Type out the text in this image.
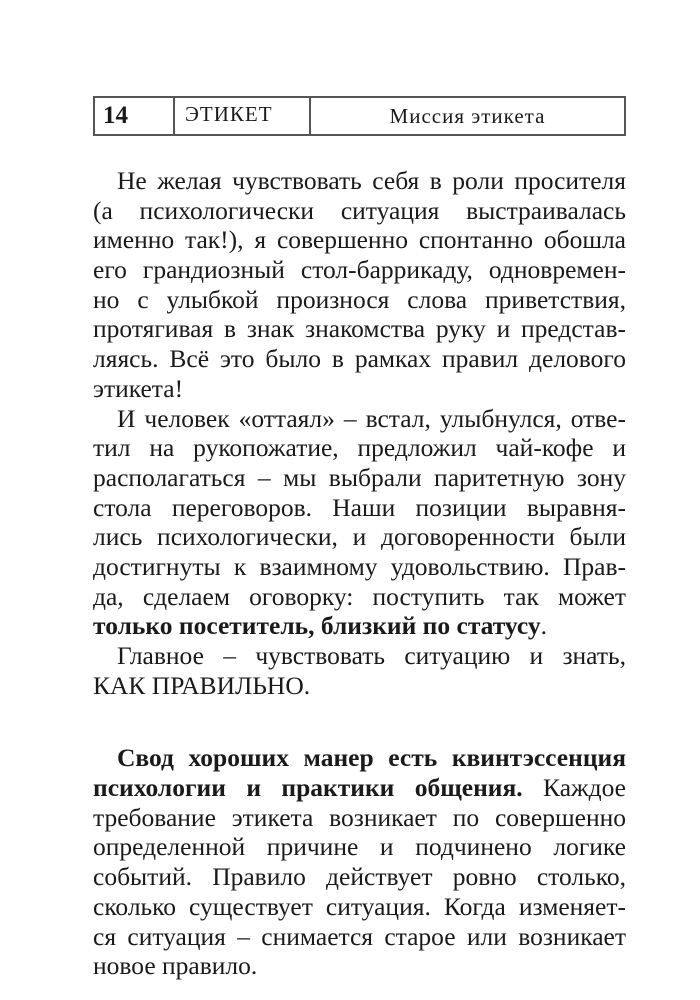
14	ЭТИКЕТ	Миссия этикета
Не желая чувствовать себя в роли просителя
(а психологически ситуация выстраивалась
именно так!), я совершенно спонтанно обошла
его грандиозный стол-баррикаду, одновремен-
но с улыбкой произнося слова приветствия,
протягивая в знак знакомства руку и представ-
ляясь. Всё это было в рамках правил делового
этикета!
И человек «оттаял» – встал, улыбнулся, отве-
тил на рукопожатие, предложил чай-кофе и
располагаться – мы выбрали паритетную зону
стола переговоров. Наши позиции выравня-
лись психологически, и договоренности были
достигнуты к взаимному удовольствию. Прав-
да, сделаем оговорку: поступить так может
только посетитель, близкий по статусу.
Главное – чувствовать ситуацию и знать,
КАК ПРАВИЛЬНО.
Свод хороших манер есть квинтэссенция
психологии и практики общения. Каждое
требование этикета возникает по совершенно
определенной причине и подчинено логике
событий. Правило действует ровно столько,
сколько существует ситуация. Когда изменяет-
ся ситуация – снимается старое или возникает
новое правило.
